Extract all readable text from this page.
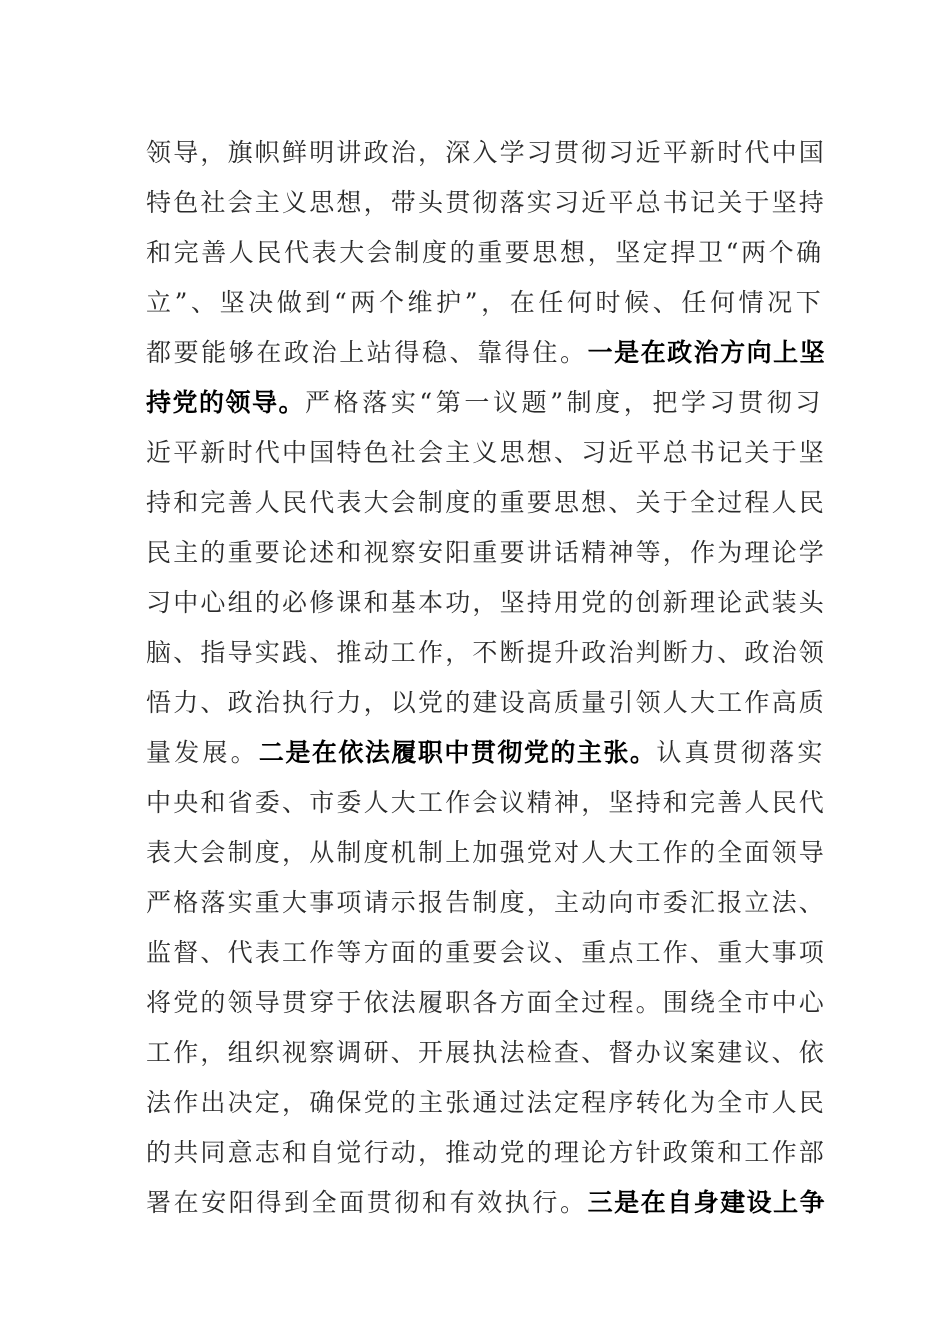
领导，旗帜鲜明讲政治，深入学习贯彻习近平新时代中国
特色社会主义思想，带头贯彻落实习近平总书记关于坚持
和完善人民代表大会制度的重要思想，坚定捍卫“两个确
立”、坚决做到“两个维护”，在任何时候、任何情况下
都要能够在政治上站得稳、靠得住。一是在政治方向上坚
持党的领导。严格落实“第一议题”制度，把学习贯彻习
近平新时代中国特色社会主义思想、习近平总书记关于坚
持和完善人民代表大会制度的重要思想、关于全过程人民
民主的重要论述和视察安阳重要讲话精神等，作为理论学
习中心组的必修课和基本功，坚持用党的创新理论武装头
脑、指导实践、推动工作，不断提升政治判断力、政治领
悟力、政治执行力，以党的建设高质量引领人大工作高质
量发展。二是在依法履职中贯彻党的主张。认真贯彻落实
中央和省委、市委人大工作会议精神，坚持和完善人民代
表大会制度，从制度机制上加强党对人大工作的全面领导
严格落实重大事项请示报告制度，主动向市委汇报立法、
监督、代表工作等方面的重要会议、重点工作、重大事项
将党的领导贯穿于依法履职各方面全过程。围绕全市中心
工作，组织视察调研、开展执法检查、督办议案建议、依
法作出决定，确保党的主张通过法定程序转化为全市人民
的共同意志和自觉行动，推动党的理论方针政策和工作部
署在安阳得到全面贯彻和有效执行。三是在自身建设上争
